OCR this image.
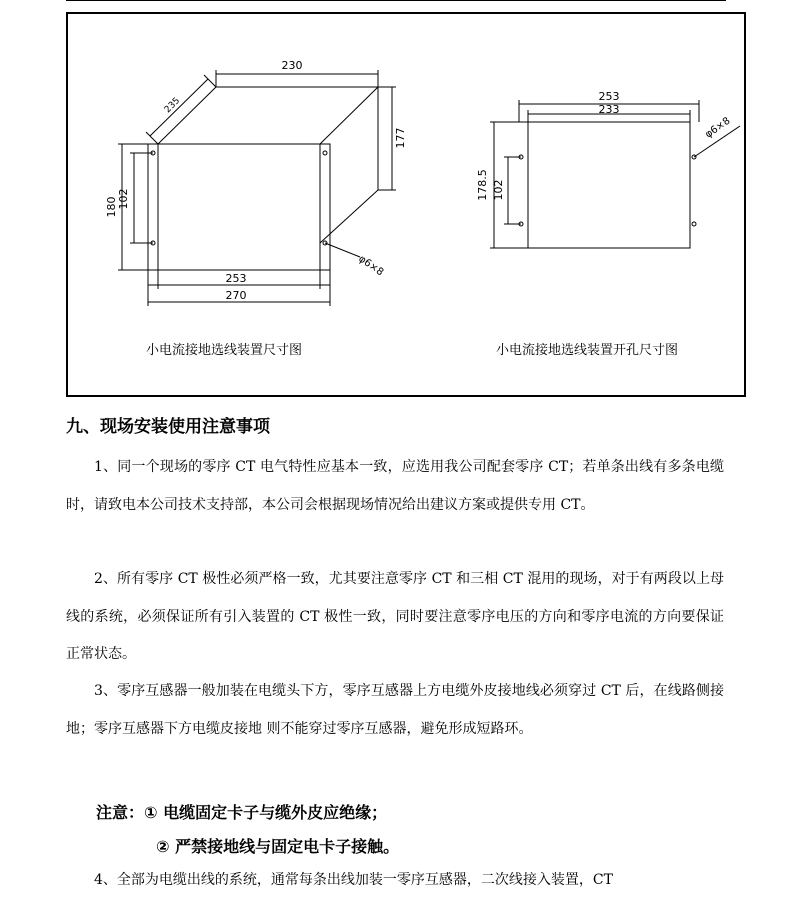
230
235
177
180 102
253
270
φ6×8
253
233
178.5 102
φ6×8
小电流接地选线装置尺寸图	小电流接地选线装置开孔尺寸图
九、现场安装使用注意事项
1、同一个现场的零序 CT 电气特性应基本一致，应选用我公司配套零序 CT；若单条出线有多条电缆时，请致电本公司技术支持部，本公司会根据现场情况给出建议方案或提供专用 CT。
2、所有零序 CT 极性必须严格一致，尤其要注意零序 CT 和三相 CT 混用的现场，对于有两段以上母线的系统，必须保证所有引入装置的 CT 极性一致，同时要注意零序电压的方向和零序电流的方向要保证正常状态。
3、零序互感器一般加装在电缆头下方，零序互感器上方电缆外皮接地线必须穿过 CT 后，在线路侧接地；零序互感器下方电缆皮接地 则不能穿过零序互感器，避免形成短路环。
注意：① 电缆固定卡子与缆外皮应绝缘；
② 严禁接地线与固定电卡子接触。
4、全部为电缆出线的系统，通常每条出线加装一零序互感器，二次线接入装置，CT
